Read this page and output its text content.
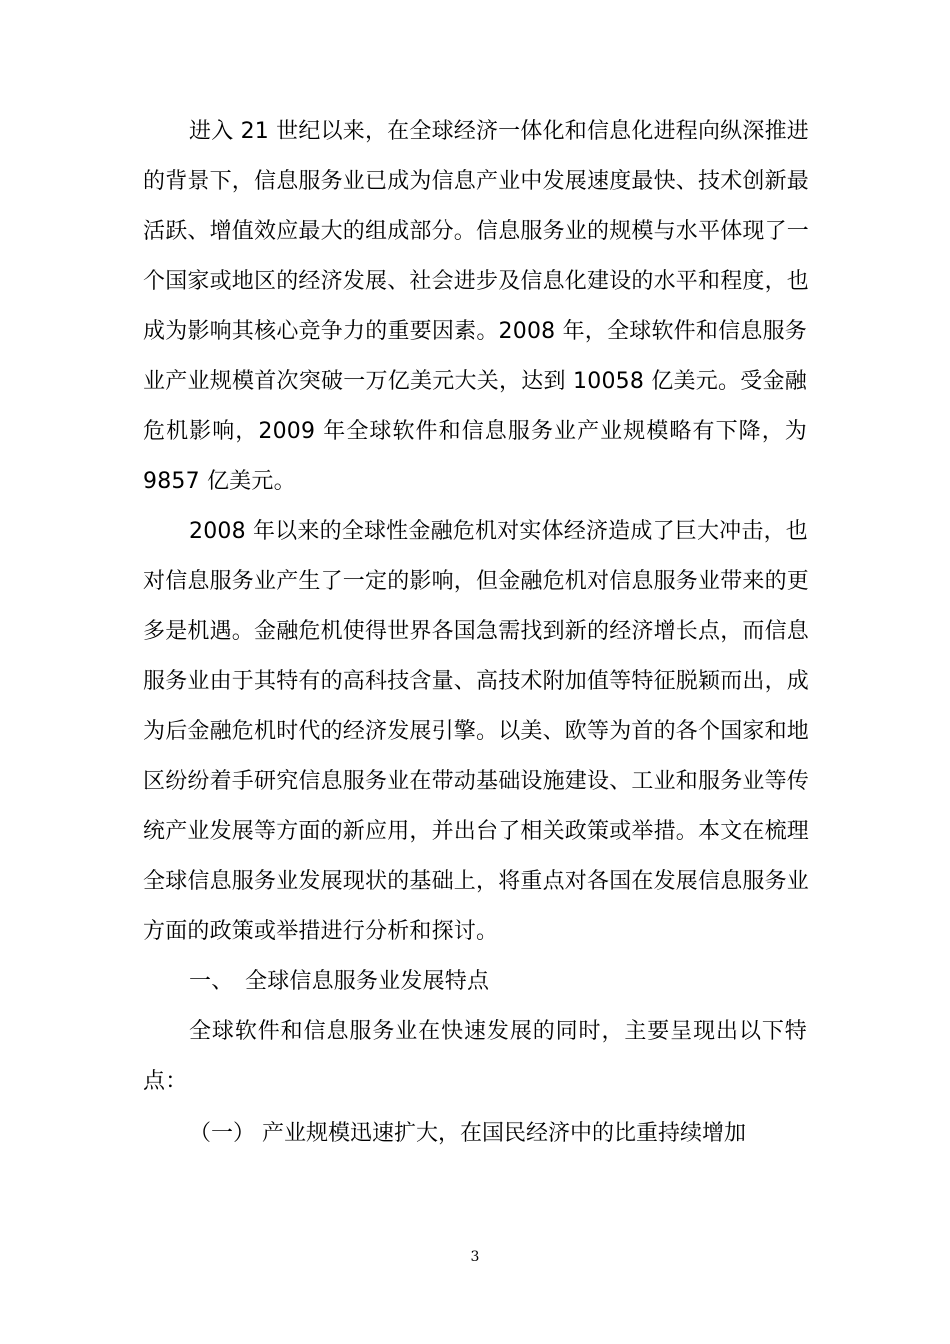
进入 21 世纪以来，在全球经济一体化和信息化进程向纵深推进
的背景下，信息服务业已成为信息产业中发展速度最快、技术创新最
活跃、增值效应最大的组成部分。信息服务业的规模与水平体现了一
个国家或地区的经济发展、社会进步及信息化建设的水平和程度，也
成为影响其核心竞争力的重要因素。2008 年，全球软件和信息服务
业产业规模首次突破一万亿美元大关，达到 10058 亿美元。受金融
危机影响，2009 年全球软件和信息服务业产业规模略有下降，为
9857 亿美元。
2008 年以来的全球性金融危机对实体经济造成了巨大冲击，也
对信息服务业产生了一定的影响，但金融危机对信息服务业带来的更
多是机遇。金融危机使得世界各国急需找到新的经济增长点，而信息
服务业由于其特有的高科技含量、高技术附加值等特征脱颖而出，成
为后金融危机时代的经济发展引擎。以美、欧等为首的各个国家和地
区纷纷着手研究信息服务业在带动基础设施建设、工业和服务业等传
统产业发展等方面的新应用，并出台了相关政策或举措。本文在梳理
全球信息服务业发展现状的基础上，将重点对各国在发展信息服务业
方面的政策或举措进行分析和探讨。
一、 全球信息服务业发展特点
全球软件和信息服务业在快速发展的同时，主要呈现出以下特
点：
（一） 产业规模迅速扩大，在国民经济中的比重持续增加
3
